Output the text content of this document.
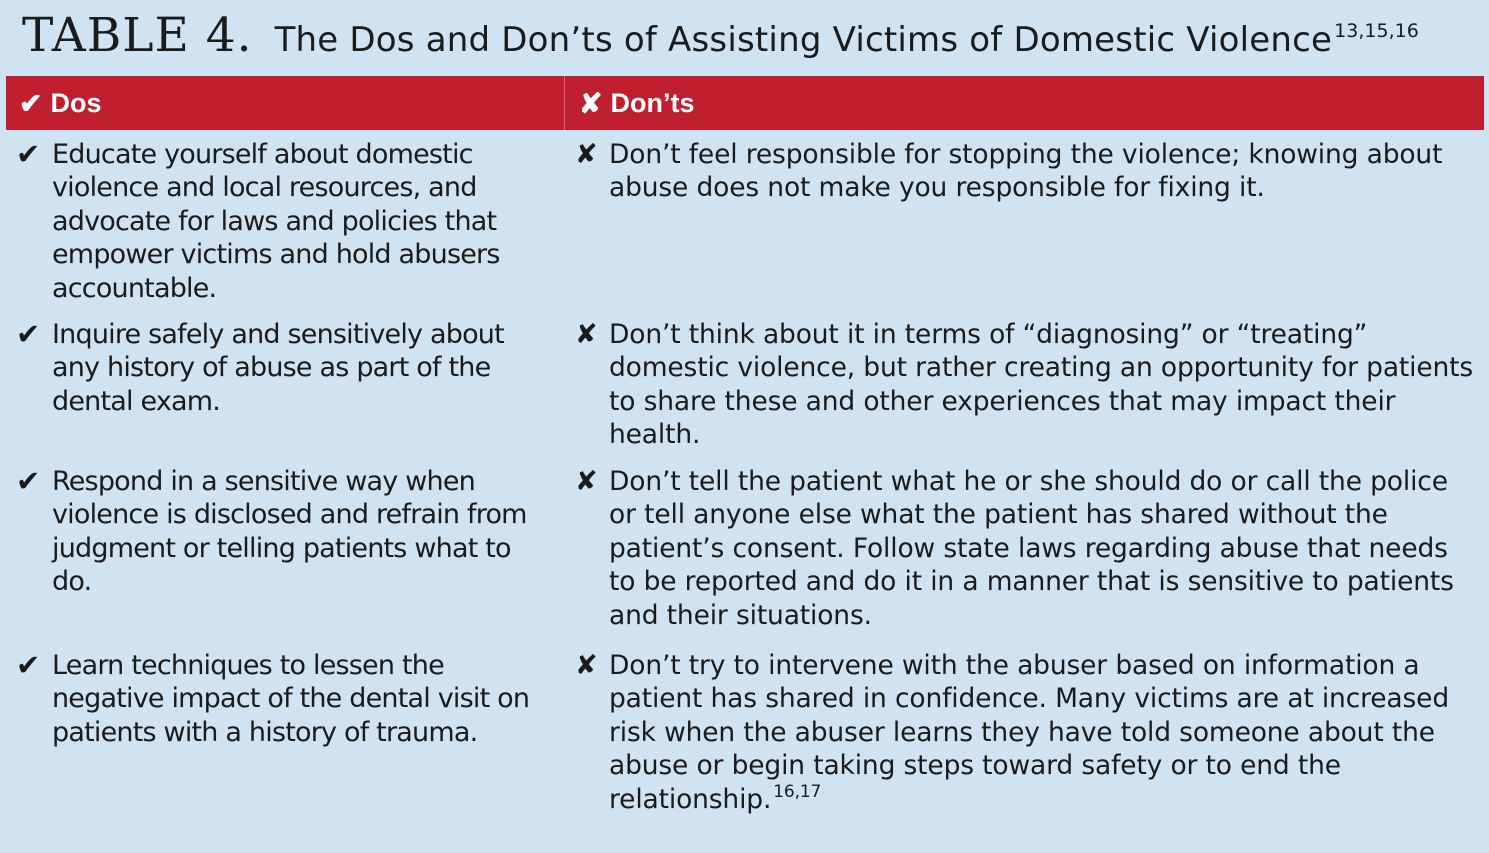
TABLE 4. The Dos and Don’ts of Assisting Victims of Domestic Violence 13,15,16
✔ Dos	✘ Don’ts
✔ Educate yourself about domestic violence and local resources, and advocate for laws and policies that empower victims and hold abusers accountable.
✔ Inquire safely and sensitively about any history of abuse as part of the dental exam.
✔ Respond in a sensitive way when violence is disclosed and refrain from judgment or telling patients what to do.
✔ Learn techniques to lessen the negative impact of the dental visit on patients with a history of trauma.
✘ Don’t feel responsible for stopping the violence; knowing about abuse does not make you responsible for fixing it.
✘ Don’t think about it in terms of “diagnosing” or “treating” domestic violence, but rather creating an opportunity for patients to share these and other experiences that may impact their health.
✘ Don’t tell the patient what he or she should do or call the police or tell anyone else what the patient has shared without the patient’s consent. Follow state laws regarding abuse that needs to be reported and do it in a manner that is sensitive to patients and their situations.
✘ Don’t try to intervene with the abuser based on information a patient has shared in confidence. Many victims are at increased risk when the abuser learns they have told someone about the abuse or begin taking steps toward safety or to end the relationship. $^{16,17}$
